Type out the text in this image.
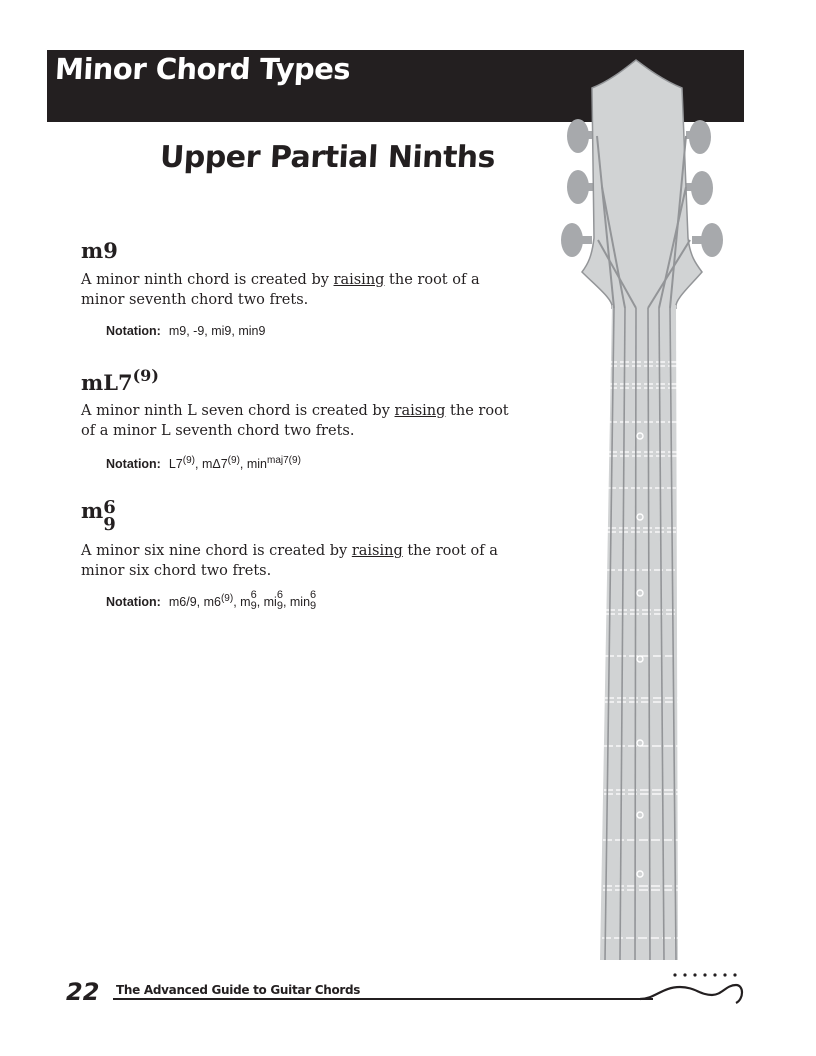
Minor Chord Types
Upper Partial Ninths
m9
A minor ninth chord is created by raising the root of a minor seventh chord two frets.
Notation: m9, -9, mi9, min9
mL7$^{(9)}$
A minor ninth L seven chord is created by raising the root of a minor L seventh chord two frets.
Notation: L7$^{(9)}$, mΔ7$^{(9)}$, $\min^{maj7(9)}$
m 6
9
A minor six nine chord is created by raising the root of a minor six chord two frets.
Notation: m6/9, m6$^{(9)}$, m 6
9 , mi 6
9 , min 6
9
22 The Advanced Guide to Guitar Chords
